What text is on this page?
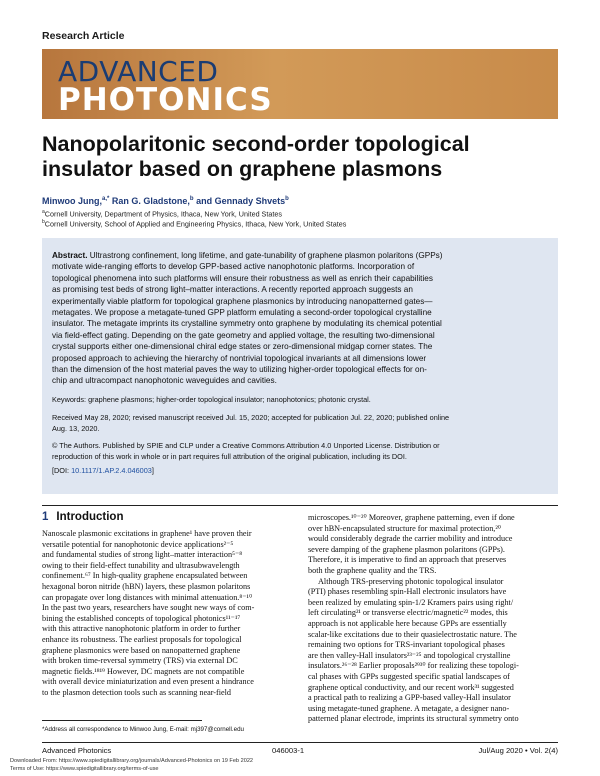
Research Article
ADVANCED
PHOTONICS
Nanopolaritonic second-order topological
insulator based on graphene plasmons
Minwoo Jung,$^{a,*}$ Ran G. Gladstone,$^b$ and Gennady Shvets$^b$
$^a$Cornell University, Department of Physics, Ithaca, New York, United States
$^b$Cornell University, School of Applied and Engineering Physics, Ithaca, New York, United States
Abstract. Ultrastrong confinement, long lifetime, and gate-tunability of graphene plasmon polaritons (GPPs)
motivate wide-ranging efforts to develop GPP-based active nanophotonic platforms. Incorporation of
topological phenomena into such platforms will ensure their robustness as well as enrich their capabilities
as promising test beds of strong light–matter interactions. A recently reported approach suggests an
experimentally viable platform for topological graphene plasmonics by introducing nanopatterned gates—
metagates. We propose a metagate-tuned GPP platform emulating a second-order topological crystalline
insulator. The metagate imprints its crystalline symmetry onto graphene by modulating its chemical potential
via field-effect gating. Depending on the gate geometry and applied voltage, the resulting two-dimensional
crystal supports either one-dimensional chiral edge states or zero-dimensional midgap corner states. The
proposed approach to achieving the hierarchy of nontrivial topological invariants at all dimensions lower
than the dimension of the host material paves the way to utilizing higher-order topological effects for on-
chip and ultracompact nanophotonic waveguides and cavities.
Keywords: graphene plasmons; higher-order topological insulator; nanophotonics; photonic crystal.
Received May 28, 2020; revised manuscript received Jul. 15, 2020; accepted for publication Jul. 22, 2020; published online
Aug. 13, 2020.
© The Authors. Published by SPIE and CLP under a Creative Commons Attribution 4.0 Unported License. Distribution or
reproduction of this work in whole or in part requires full attribution of the original publication, including its DOI.
[DOI: 10.1117/1.AP.2.4.046003]
1 Introduction
Nanoscale plasmonic excitations in graphene¹ have proven their
versatile potential for nanophotonic device applications²⁻⁵
and fundamental studies of strong light–matter interaction⁵⁻⁸
owing to their field-effect tunability and ultrasubwavelength
confinement.⁶⁷ In high-quality graphene encapsulated between
hexagonal boron nitride (hBN) layers, these plasmon polaritons
can propagate over long distances with minimal attenuation.⁸⁻¹⁰
In the past two years, researchers have sought new ways of com-
bining the established concepts of topological photonics¹¹⁻¹⁷
with this attractive nanophotonic platform in order to further
enhance its robustness. The earliest proposals for topological
graphene plasmonics were based on nanopatterned graphene
with broken time-reversal symmetry (TRS) via external DC
magnetic fields.¹⁸¹⁹ However, DC magnets are not compatible
with overall device miniaturization and even present a hindrance
to the plasmon detection tools such as scanning near-field
microscopes.¹⁰⁻²⁰ Moreover, graphene patterning, even if done
over hBN-encapsulated structure for maximal protection,²⁰
would considerably degrade the carrier mobility and introduce
severe damping of the graphene plasmon polaritons (GPPs).
Therefore, it is imperative to find an approach that preserves
both the graphene quality and the TRS.
Although TRS-preserving photonic topological insulator
(PTI) phases resembling spin-Hall electronic insulators have
been realized by emulating spin-1/2 Kramers pairs using right/
left circulating²¹ or transverse electric/magnetic²² modes, this
approach is not applicable here because GPPs are essentially
scalar-like excitations due to their quasielectrostatic nature. The
remaining two options for TRS-invariant topological phases
are then valley-Hall insulators²³⁻²⁵ and topological crystalline
insulators.²⁶⁻²⁸ Earlier proposals²⁹³⁰ for realizing these topologi-
cal phases with GPPs suggested specific spatial landscapes of
graphene optical conductivity, and our recent work³¹ suggested
a practical path to realizing a GPP-based valley-Hall insulator
using metagate-tuned graphene. A metagate, a designer nano-
patterned planar electrode, imprints its structural symmetry onto
*Address all correspondence to Minwoo Jung, E-mail: mj397@cornell.edu
Advanced Photonics	046003-1	Jul/Aug 2020 • Vol. 2(4)
Downloaded From: https://www.spiedigitallibrary.org/journals/Advanced-Photonics on 19 Feb 2022
Terms of Use: https://www.spiedigitallibrary.org/terms-of-use
